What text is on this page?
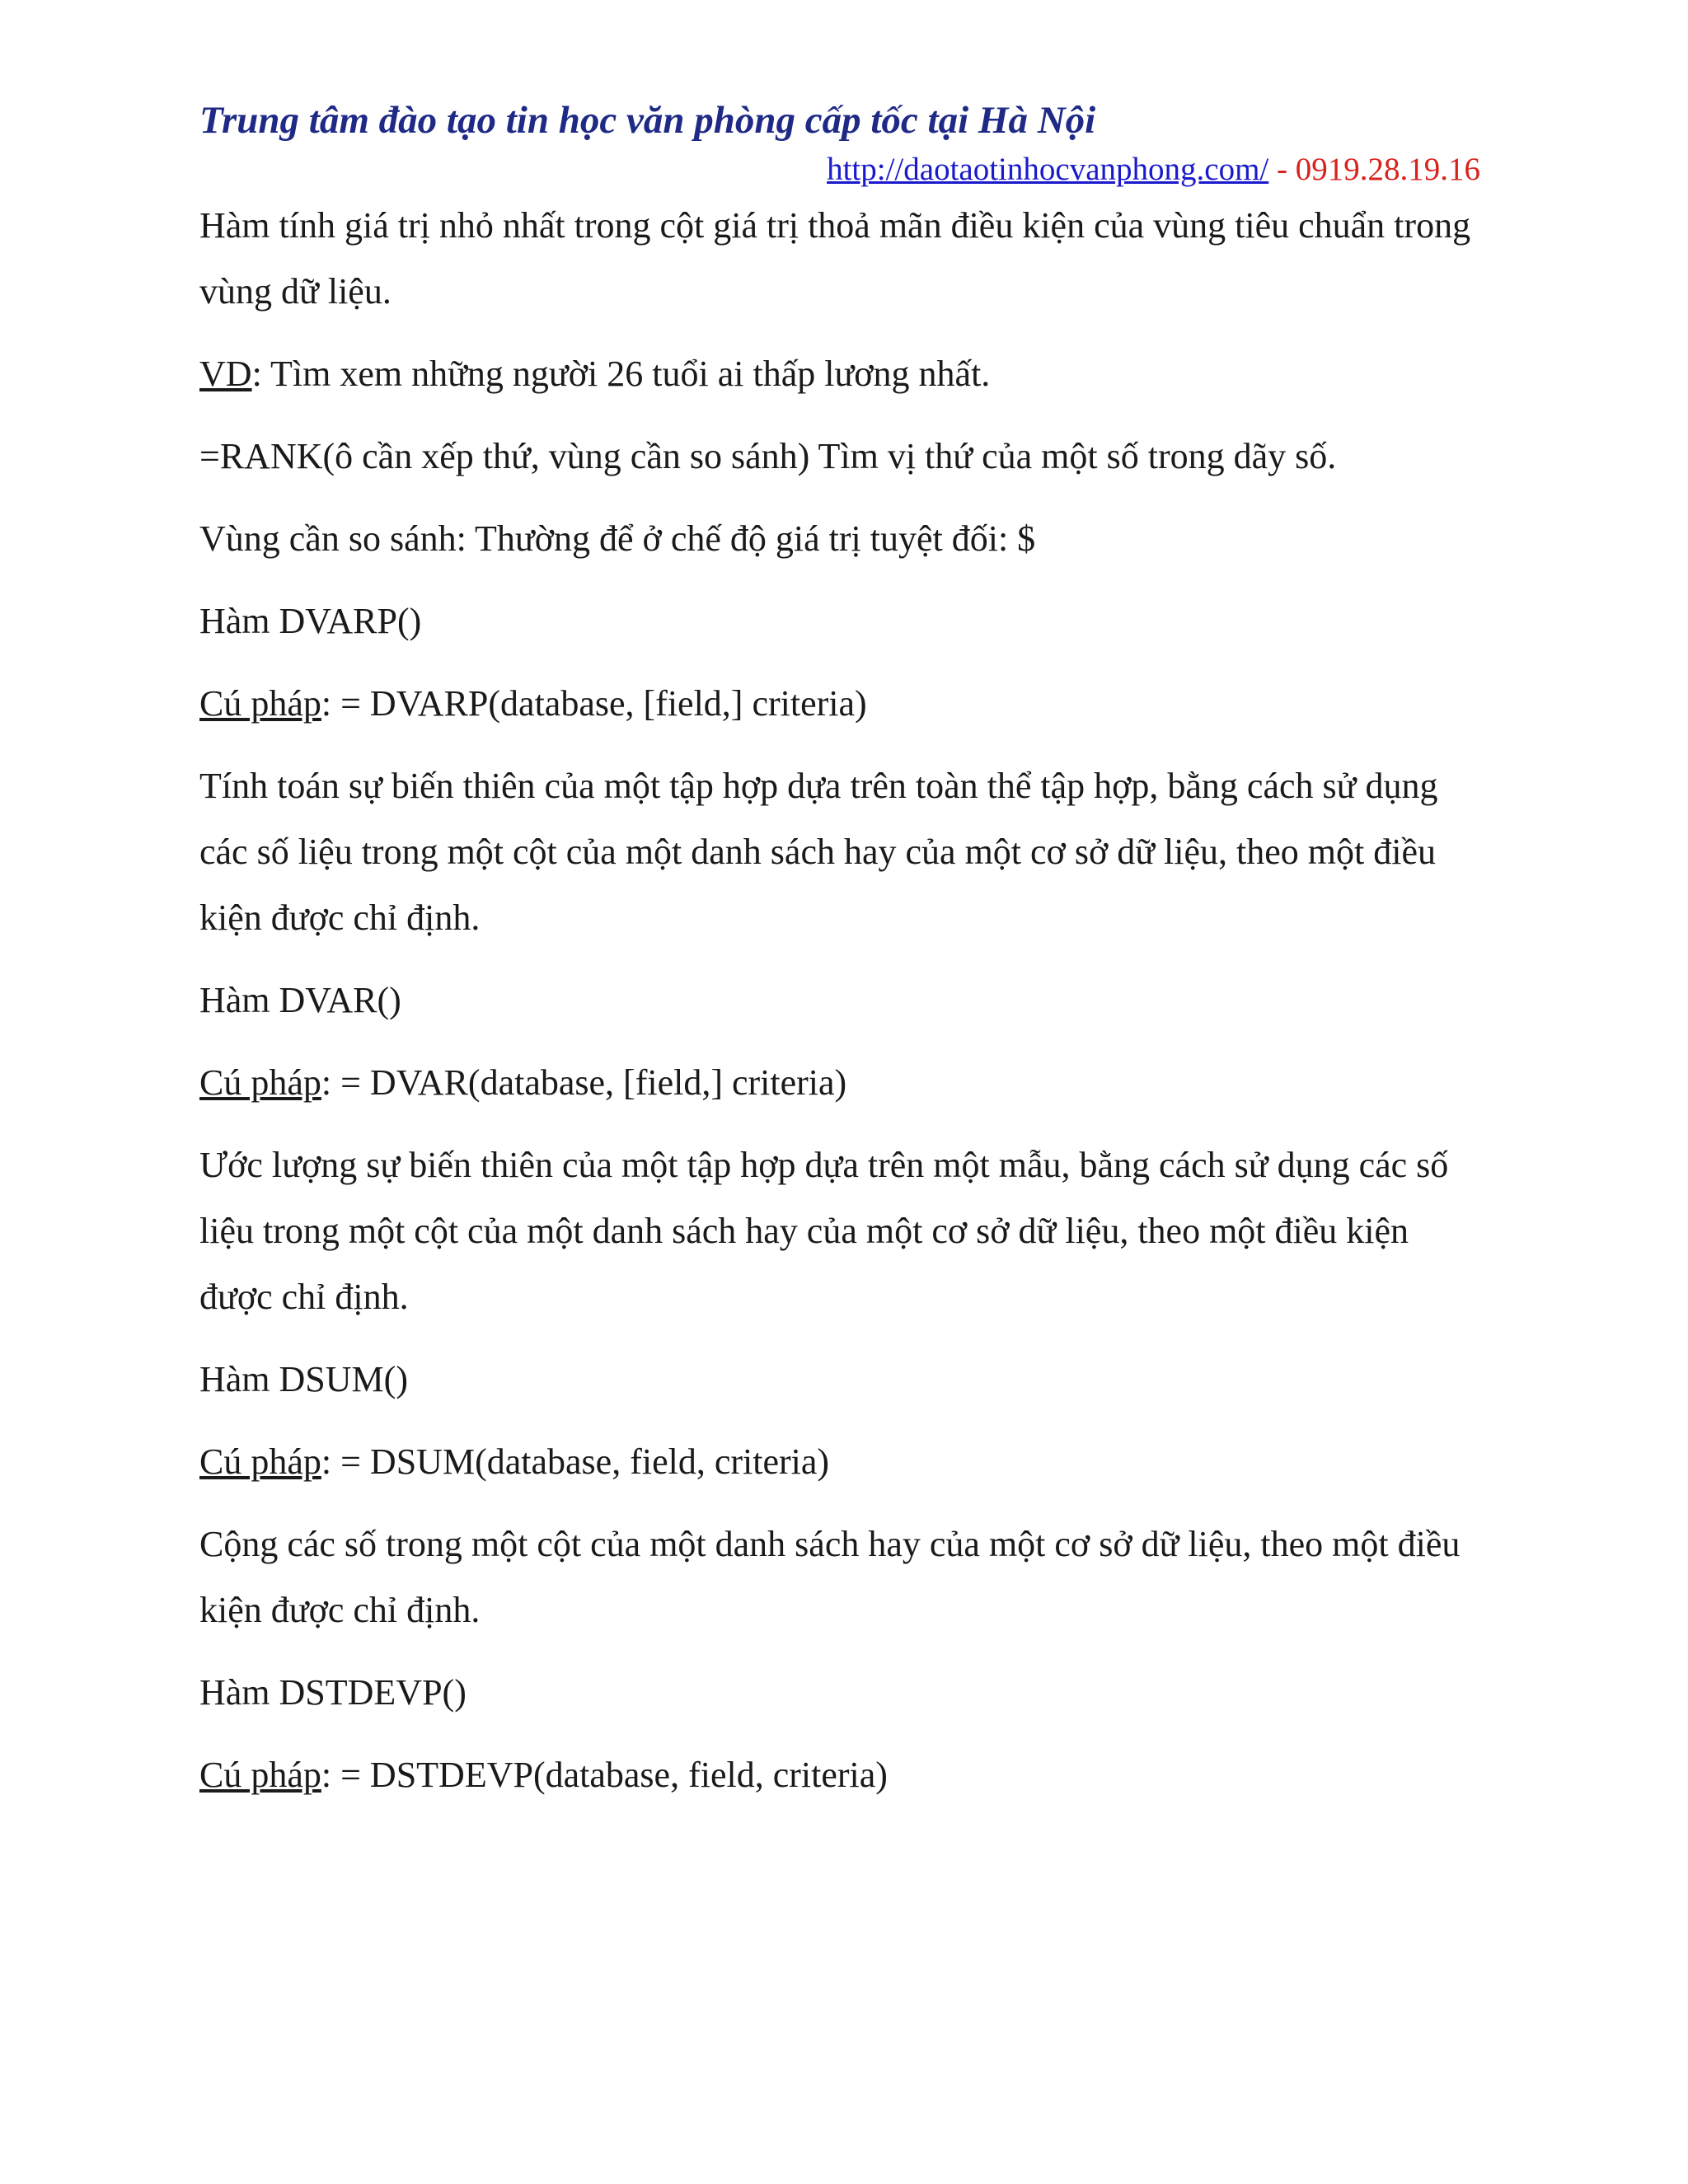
Trung tâm đào tạo tin học văn phòng cấp tốc tại Hà Nội
http://daotaotinhocvanphong.com/ - 0919.28.19.16

Hàm tính giá trị nhỏ nhất trong cột giá trị thoả mãn điều kiện của vùng tiêu chuẩn trong vùng dữ liệu.

VD: Tìm xem những người 26 tuổi ai thấp lương nhất.

=RANK(ô cần xếp thứ, vùng cần so sánh) Tìm vị thứ của một số trong dãy số.

Vùng cần so sánh: Thường để ở chế độ giá trị tuyệt đối: $

Hàm DVARP()

Cú pháp: = DVARP(database, [field,] criteria)

Tính toán sự biến thiên của một tập hợp dựa trên toàn thể tập hợp, bằng cách sử dụng các số liệu trong một cột của một danh sách hay của một cơ sở dữ liệu, theo một điều kiện được chỉ định.

Hàm DVAR()

Cú pháp: = DVAR(database, [field,] criteria)

Ước lượng sự biến thiên của một tập hợp dựa trên một mẫu, bằng cách sử dụng các số liệu trong một cột của một danh sách hay của một cơ sở dữ liệu, theo một điều kiện được chỉ định.

Hàm DSUM()

Cú pháp: = DSUM(database, field, criteria)

Cộng các số trong một cột của một danh sách hay của một cơ sở dữ liệu, theo một điều kiện được chỉ định.

Hàm DSTDEVP()

Cú pháp: = DSTDEVP(database, field, criteria)
